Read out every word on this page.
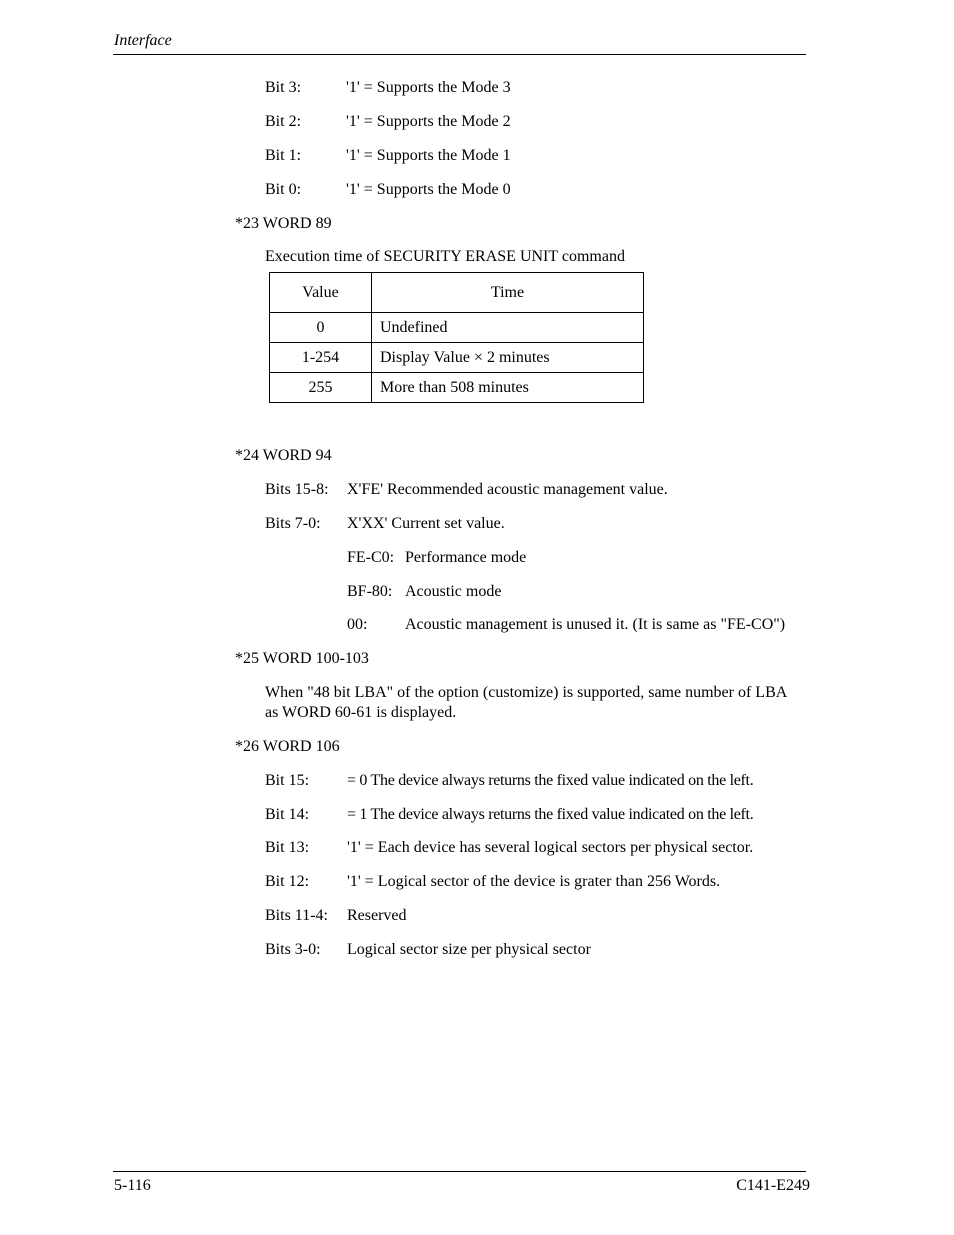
Interface
Bit 3:	'1' = Supports the Mode 3
Bit 2:	'1' = Supports the Mode 2
Bit 1:	'1' = Supports the Mode 1
Bit 0:	'1' = Supports the Mode 0
*23 WORD 89
Execution time of SECURITY ERASE UNIT command
Value	Time
0	Undefined
1-254	Display Value × 2 minutes
255	More than 508 minutes
*24 WORD 94
Bits 15-8: X'FE' Recommended acoustic management value.
Bits 7-0: X'XX' Current set value.
FE-C0: Performance mode
BF-80: Acoustic mode
00: Acoustic management is unused it. (It is same as "FE-CO")
*25 WORD 100-103
When "48 bit LBA" of the option (customize) is supported, same number of LBA as WORD 60-61 is displayed.
*26 WORD 106
Bit 15: = 0 The device always returns the fixed value indicated on the left.
Bit 14: = 1 The device always returns the fixed value indicated on the left.
Bit 13: '1' = Each device has several logical sectors per physical sector.
Bit 12: '1' = Logical sector of the device is grater than 256 Words.
Bits 11-4: Reserved
Bits 3-0: Logical sector size per physical sector
5-116	C141-E249
